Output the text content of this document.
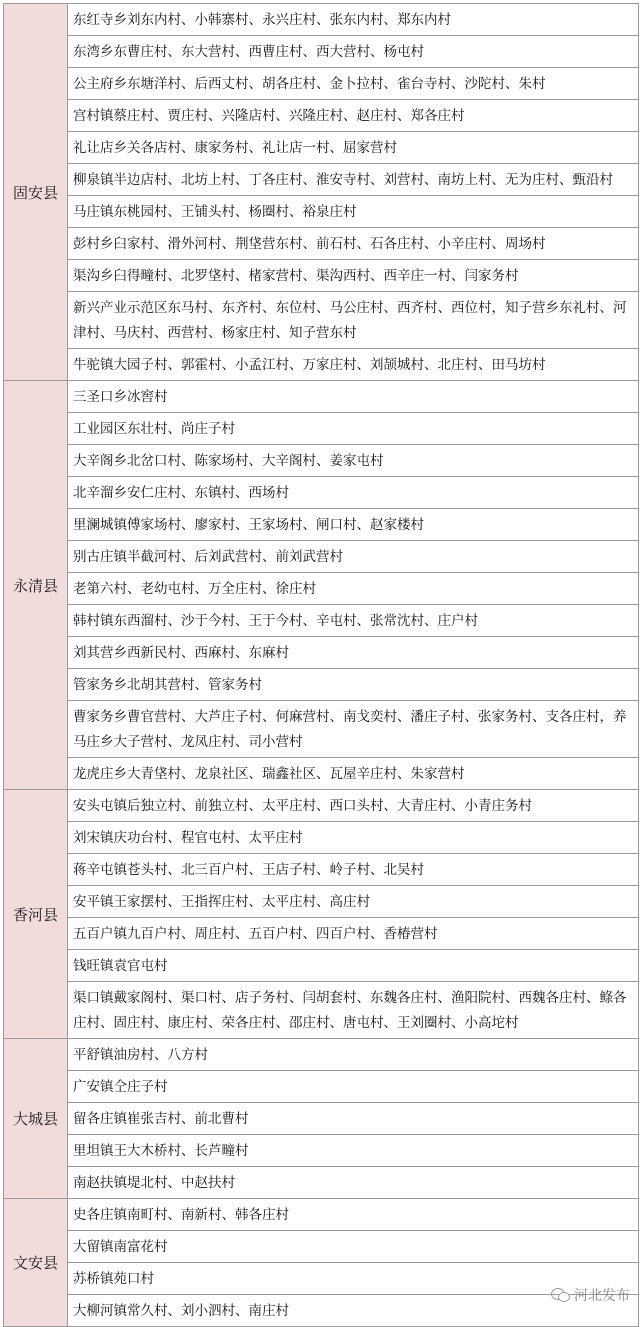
固安县	东红寺乡刘东内村、小韩寨村、永兴庄村、张东内村、郑东内村
	东湾乡东曹庄村、东大营村、西曹庄村、西大营村、杨屯村
	公主府乡东塘洋村、后西丈村、胡各庄村、金卜拉村、雀台寺村、沙陀村、朱村
	宫村镇蔡庄村、贾庄村、兴隆店村、兴隆庄村、赵庄村、郑各庄村
	礼让店乡关各店村、康家务村、礼让店一村、屈家营村
	柳泉镇半边店村、北坊上村、丁各庄村、淮安寺村、刘营村、南坊上村、无为庄村、甄沿村
	马庄镇东桃园村、王铺头村、杨圈村、裕泉庄村
	彭村乡臼家村、滑外河村、荆垡营东村、前石村、石各庄村、小辛庄村、周场村
	渠沟乡臼得疃村、北罗垡村、楮家营村、渠沟西村、西辛庄一村、闫家务村
	新兴产业示范区东马村、东齐村、东位村、马公庄村、西齐村、西位村，知子营乡东礼村、河津村、马庆村、西营村、杨家庄村、知子营东村
	牛驼镇大园子村、郭霍村、小孟江村、万家庄村、刘颉城村、北庄村、田马坊村
永清县	三圣口乡冰窖村
	工业园区东壮村、尚庄子村
	大辛阁乡北岔口村、陈家场村、大辛阁村、姜家屯村
	北辛溜乡安仁庄村、东镇村、西场村
	里澜城镇傅家场村、廖家村、王家场村、闸口村、赵家楼村
	别古庄镇半截河村、后刘武营村、前刘武营村
	老第六村、老幼屯村、万全庄村、徐庄村
	韩村镇东西溜村、沙于今村、王于今村、辛屯村、张常沈村、庄户村
	刘其营乡西新民村、西麻村、东麻村
	管家务乡北胡其营村、管家务村
	曹家务乡曹官营村、大芦庄子村、何麻营村、南戈奕村、潘庄子村、张家务村、支各庄村，养马庄乡大子营村、龙凤庄村、司小营村
	龙虎庄乡大青垡村、龙泉社区、瑞鑫社区、瓦屋辛庄村、朱家营村
香河县	安头屯镇后独立村、前独立村、太平庄村、西口头村、大青庄村、小青庄务村
	刘宋镇庆功台村、程官屯村、太平庄村
	蒋辛屯镇苍头村、北三百户村、王店子村、岭子村、北吴村
	安平镇王家摆村、王指挥庄村、太平庄村、高庄村
	五百户镇九百户村、周庄村、五百户村、四百户村、香椿营村
	钱旺镇袁官屯村
	渠口镇戴家阁村、渠口村、店子务村、闫胡套村、东魏各庄村、渔阳院村、西魏各庄村、鲦各庄村、固庄村、康庄村、荣各庄村、邵庄村、唐屯村、王刘圈村、小高坨村
大城县	平舒镇油房村、八方村
	广安镇仝庄子村
	留各庄镇崔张吉村、前北曹村
	里坦镇王大木桥村、长芦疃村
	南赵扶镇堤北村、中赵扶村
文安县	史各庄镇南町村、南新村、韩各庄村
	大留镇南富花村
	苏桥镇苑口村
	大柳河镇常久村、刘小泗村、南庄村
河北发布
